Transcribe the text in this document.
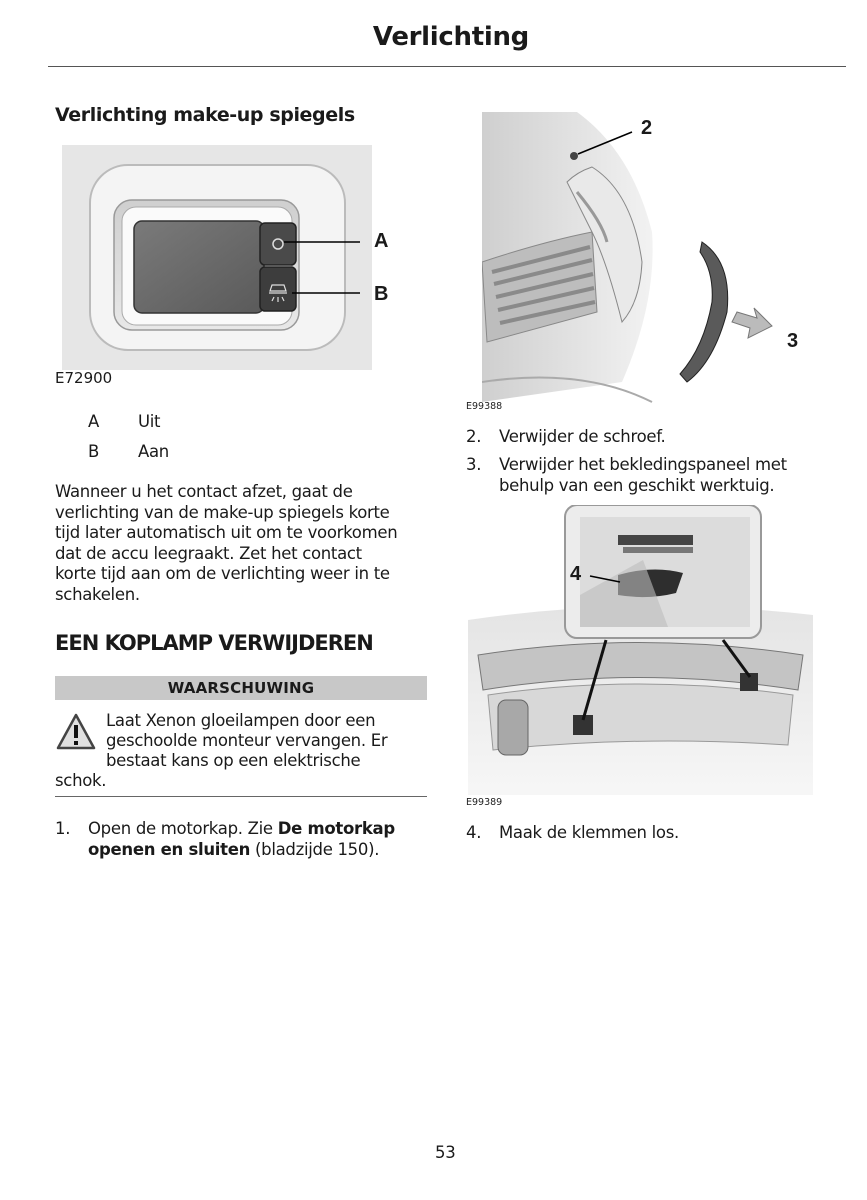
Verlichting
Verlichting make-up spiegels
A
B
E72900
A Uit
B Aan
Wanneer u het contact afzet, gaat de
verlichting van de make-up spiegels korte
tijd later automatisch uit om te voorkomen
dat de accu leegraakt. Zet het contact
korte tijd aan om de verlichting weer in te
schakelen.
EEN KOPLAMP VERWIJDEREN
WAARSCHUWING
Laat Xenon gloeilampen door een
geschoolde monteur vervangen. Er
bestaat kans op een elektrische
schok.
1. Open de motorkap. Zie De motorkap
openen en sluiten (bladzijde 150).
2
3
E99388
2. Verwijder de schroef.
3. Verwijder het bekledingspaneel met
behulp van een geschikt werktuig.
4
E99389
4. Maak de klemmen los.
53
